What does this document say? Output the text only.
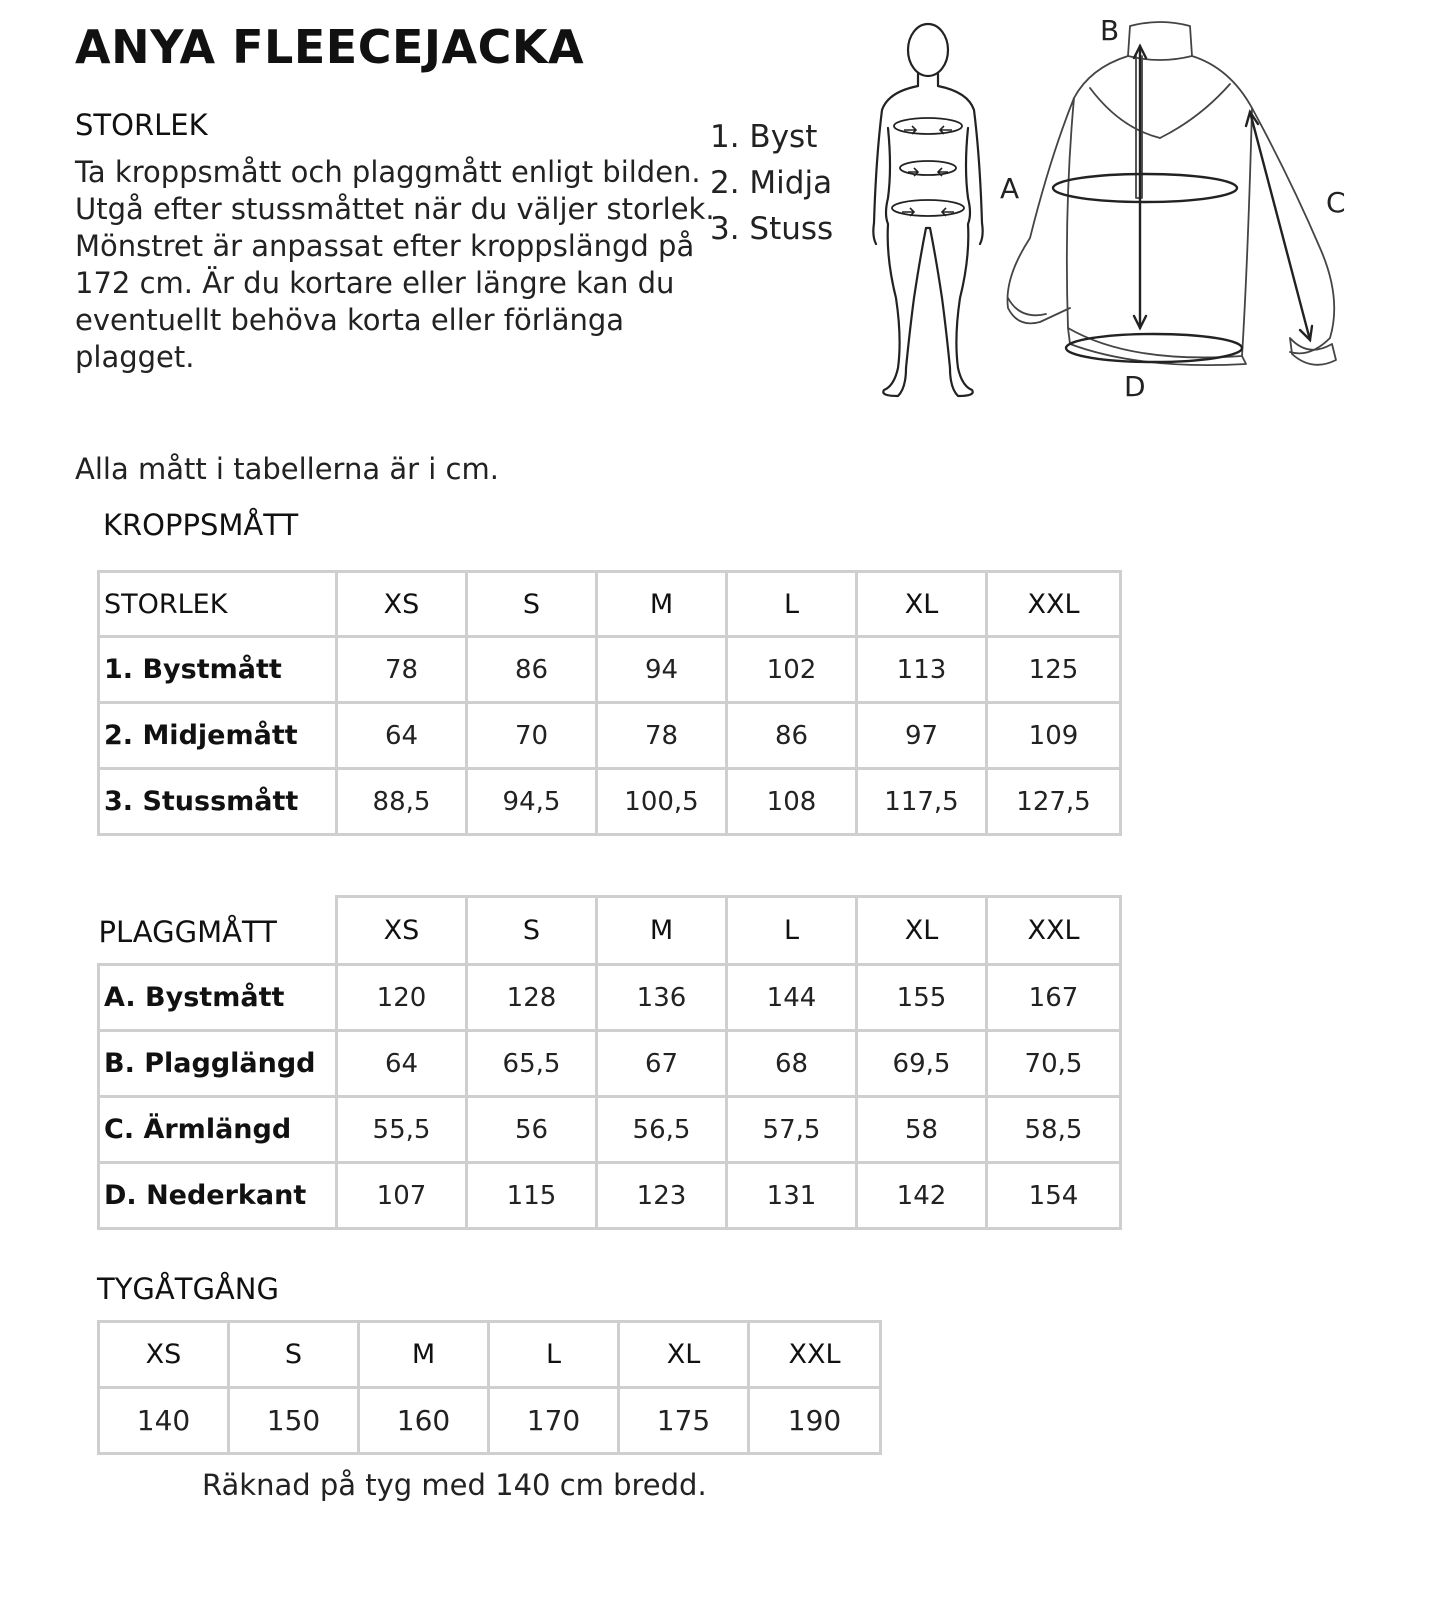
ANYA FLEECEJACKA
STORLEK

Ta kroppsmått och plaggmått enligt bilden. Utgå efter stussmåttet när du väljer storlek.

Mönstret är anpassat efter kroppslängd på 172 cm. Är du kortare eller längre kan du eventuellt behöva korta eller förlänga plagget.

Alla mått i tabellerna är i cm.

1. Byst
2. Midja
3. Stuss
B
A	C
D
KROPPSMÅTT
STORLEK	XS	S	M	L	XL	XXL
1. Bystmått	78	86	94	102	113	125
2. Midjemått	64	70	78	86	97	109
3. Stussmått	88,5	94,5	100,5	108	117,5	127,5
PLAGGMÅTT	XS	S	M	L	XL	XXL
A. Bystmått	120	128	136	144	155	167
B. Plagglängd	64	65,5	67	68	69,5	70,5
C. Ärmlängd	55,5	56	56,5	57,5	58	58,5
D. Nederkant	107	115	123	131	142	154
TYGÅTGÅNG
XS	S	M	L	XL	XXL
140	150	160	170	175	190
Räknad på tyg med 140 cm bredd.
